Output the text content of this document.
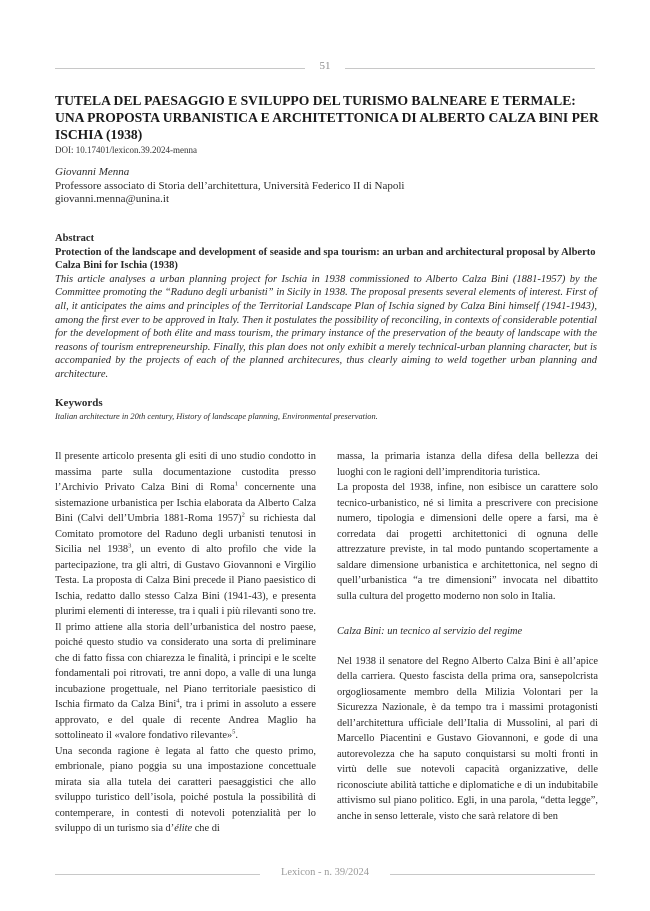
51
TUTELA DEL PAESAGGIO E SVILUPPO DEL TURISMO BALNEARE E TERMALE:
UNA PROPOSTA URBANISTICA E ARCHITETTONICA DI ALBERTO CALZA BINI PER
ISCHIA (1938)
DOI: 10.17401/lexicon.39.2024-menna
Giovanni Menna
Professore associato di Storia dell’architettura, Università Federico II di Napoli
giovanni.menna@unina.it
Abstract
Protection of the landscape and development of seaside and spa tourism: an urban and architectural proposal by Alberto Calza Bini for Ischia (1938)
This article analyses a urban planning project for Ischia in 1938 commissioned to Alberto Calza Bini (1881-1957) by the Committee promoting the “Raduno degli urbanisti” in Sicily in 1938. The proposal presents several elements of interest. First of all, it anticipates the aims and principles of the Territorial Landscape Plan of Ischia signed by Calza Bini himself (1941-1943), among the first ever to be approved in Italy. Then it postulates the possibility of reconciling, in contexts of considerable potential for the development of both élite and mass tourism, the primary instance of the preservation of the beauty of landscape with the reasons of tourism entrepreneurship. Finally, this plan does not only exhibit a merely technical-urban planning character, but is accompanied by the projects of each of the planned architecures, thus clearly aiming to weld together urban planning and architecture.
Keywords
Italian architecture in 20th century, History of landscape planning, Environmental preservation.

Il presente articolo presenta gli esiti di uno studio condotto in massima parte sulla documentazione custodita presso l’Archivio Privato Calza Bini di Roma$^1$ concernente una sistemazione urbanistica per Ischia elaborata da Alberto Calza Bini (Calvi dell’Umbria 1881-Roma 1957)$^2$ su richiesta dal Comitato promotore del Raduno degli urbanisti tenutosi in Sicilia nel 1938$^3$, un evento di alto profilo che vide la partecipazione, tra gli altri, di Gustavo Giovannoni e Virgilio Testa. La proposta di Calza Bini precede il Piano paesistico di Ischia, redatto dallo stesso Calza Bini (1941-43), e presenta plurimi elementi di interesse, tra i quali i più rilevanti sono tre. Il primo attiene alla storia dell’urbanistica del nostro paese, poiché questo studio va considerato una sorta di preliminare che di fatto fissa con chiarezza le finalità, i principi e le scelte fondamentali poi ritrovati, tre anni dopo, a valle di una lunga incubazione progettuale, nel Piano territoriale paesistico di Ischia firmato da Calza Bini$^4$, tra i primi in assoluto a essere approvato, e del quale di recente Andrea Maglio ha sottolineato il «valore fondativo rilevante»$^5$.

Una seconda ragione è legata al fatto che questo primo, embrionale, piano poggia su una impostazione concettuale mirata sia alla tutela dei caratteri paesaggistici che allo sviluppo turistico dell’isola, poiché postula la possibilità di contemperare, in contesti di notevoli potenzialità per lo sviluppo di un turismo sia d’élite che di

massa, la primaria istanza della difesa della bellezza dei luoghi con le ragioni dell’imprenditoria turistica.

La proposta del 1938, infine, non esibisce un carattere solo tecnico-urbanistico, né si limita a prescrivere con precisione numero, tipologia e dimensioni delle opere a farsi, ma è corredata dai progetti architettonici di ognuna delle attrezzature previste, in tal modo puntando scopertamente a saldare dimensione urbanistica e architettonica, nel segno di quell’urbanistica “a tre dimensioni” invocata nel dibattito sulla cultura del progetto moderno non solo in Italia.

Calza Bini: un tecnico al servizio del regime

Nel 1938 il senatore del Regno Alberto Calza Bini è all’apice della carriera. Questo fascista della prima ora, sansepolcrista orgogliosamente membro della Milizia Volontari per la Sicurezza Nazionale, è da tempo tra i massimi protagonisti dell’architettura ufficiale dell’Italia di Mussolini, al pari di Marcello Piacentini e Gustavo Giovannoni, e gode di una autorevolezza che ha saputo conquistarsi su molti fronti in virtù delle sue notevoli capacità organizzative, delle riconosciute abilità tattiche e diplomatiche e di un indubitabile attivismo sul piano politico. Egli, in una parola, “detta legge”, anche in senso letterale, visto che sarà relatore di ben

Lexicon - n. 39/2024
